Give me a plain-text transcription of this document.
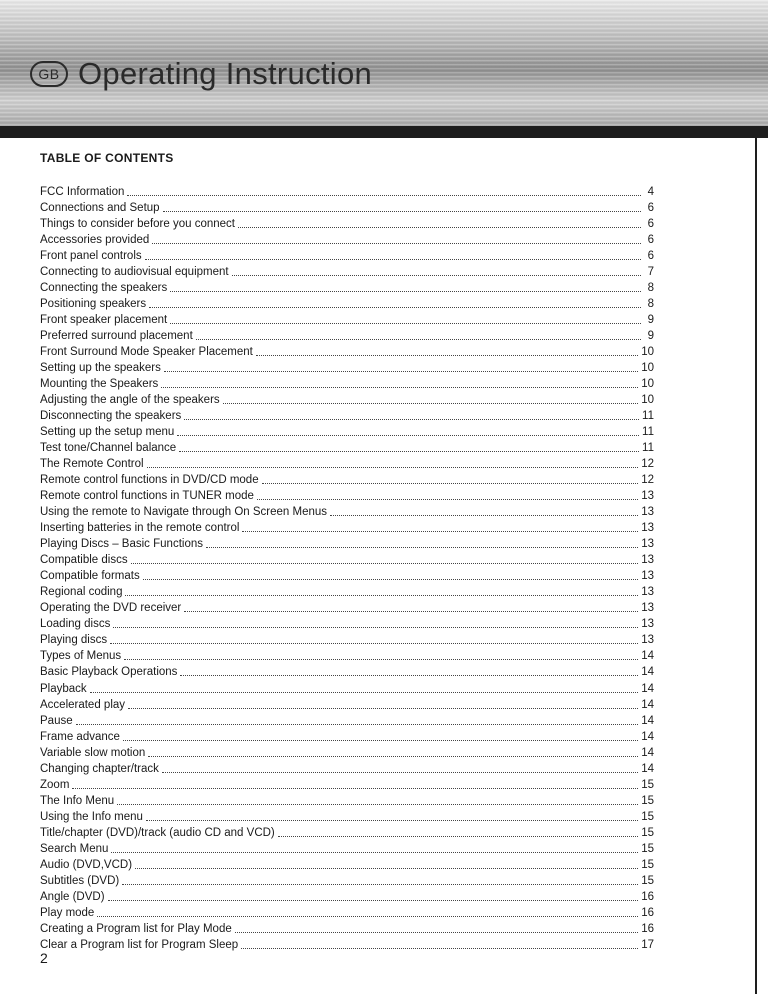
GB Operating Instruction
TABLE OF CONTENTS
FCC Information	4
Connections and Setup	6
Things to consider before you connect	6
Accessories provided	6
Front panel controls	6
Connecting to audiovisual equipment	7
Connecting the speakers	8
Positioning speakers	8
Front speaker placement	9
Preferred surround placement	9
Front Surround Mode Speaker Placement	10
Setting up the speakers	10
Mounting the Speakers	10
Adjusting the angle of the speakers	10
Disconnecting the speakers	11
Setting up the setup menu	11
Test tone/Channel balance	11
The Remote Control	12
Remote control functions in DVD/CD mode	12
Remote control functions in TUNER mode	13
Using the remote to Navigate through On Screen Menus	13
Inserting batteries in the remote control	13
Playing Discs – Basic Functions	13
Compatible discs	13
Compatible formats	13
Regional coding	13
Operating the DVD receiver	13
Loading discs	13
Playing discs	13
Types of Menus	14
Basic Playback Operations	14
Playback	14
Accelerated play	14
Pause	14
Frame advance	14
Variable slow motion	14
Changing chapter/track	14
Zoom	15
The Info Menu	15
Using the Info menu	15
Title/chapter (DVD)/track (audio CD and VCD)	15
Search Menu	15
Audio (DVD,VCD)	15
Subtitles (DVD)	15
Angle (DVD)	16
Play mode	16
Creating a Program list for Play Mode	16
Clear a Program list for Program Sleep	17
2
